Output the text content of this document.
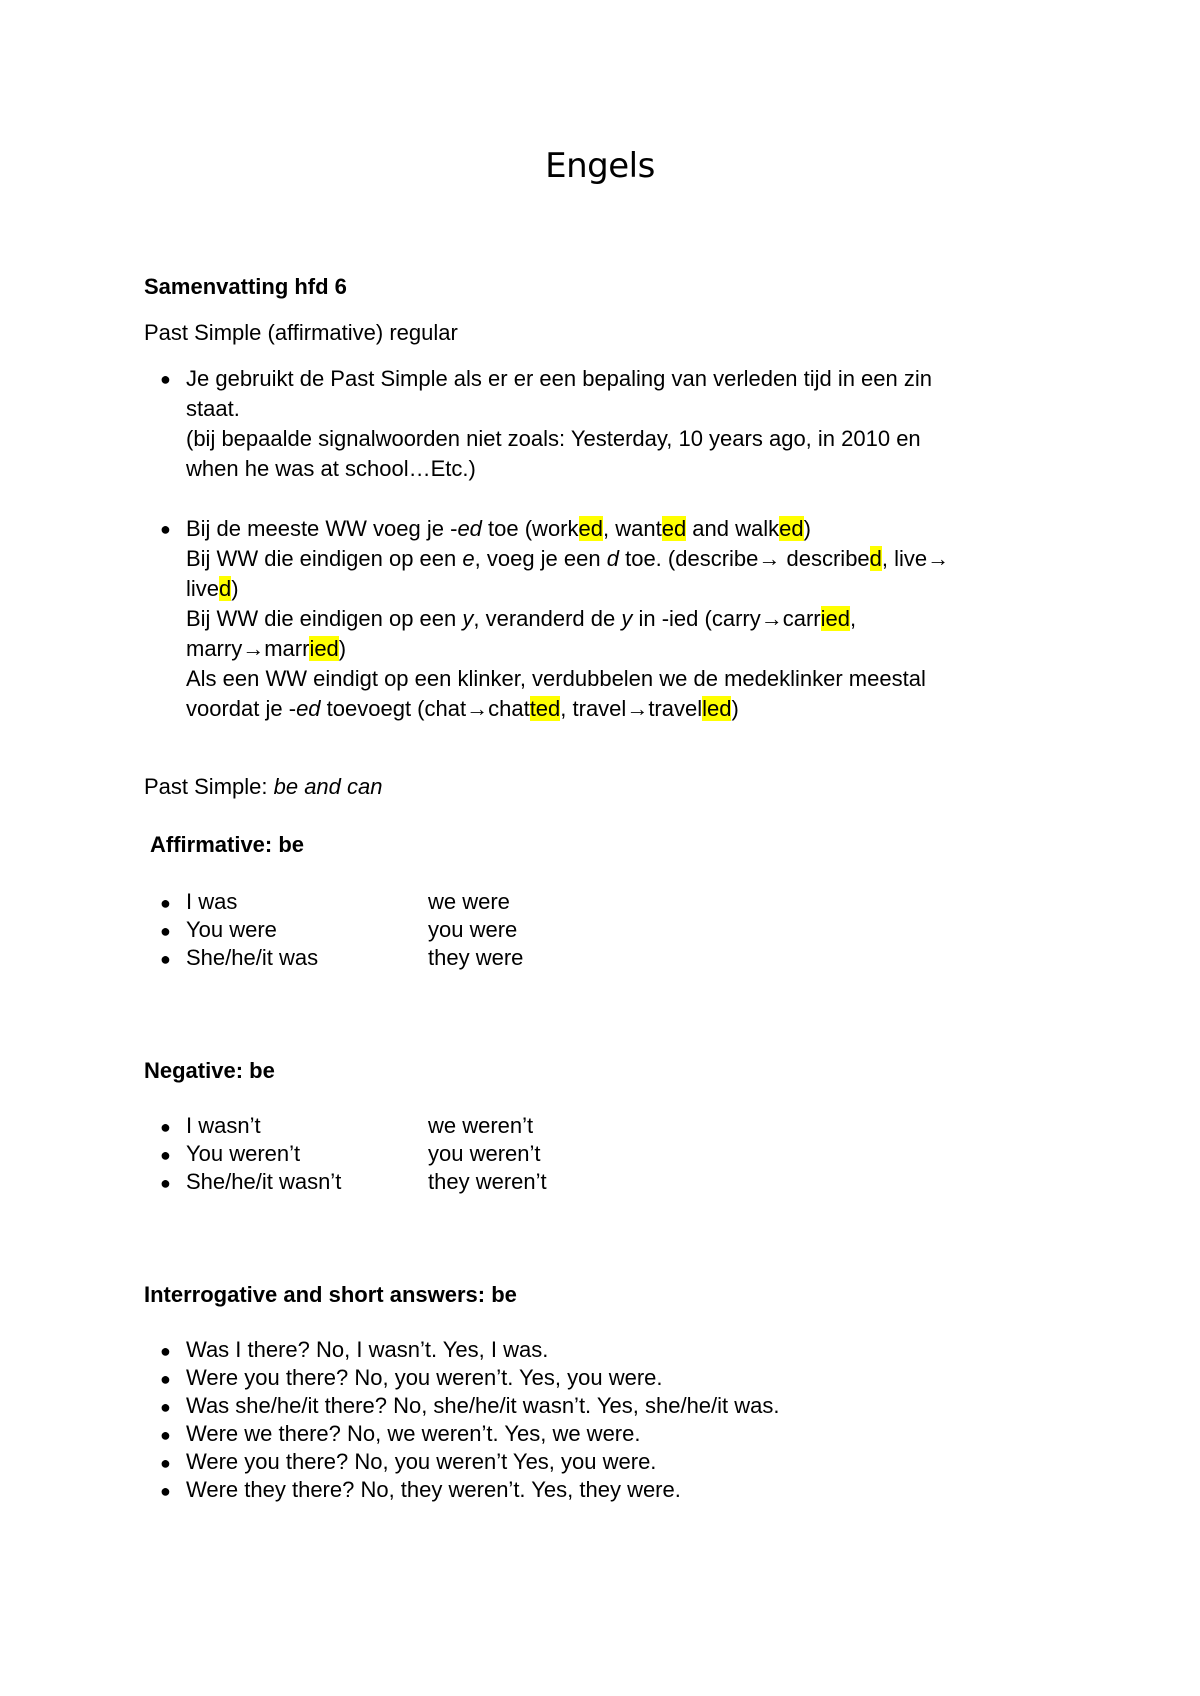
Engels
Samenvatting hfd 6
Past Simple (affirmative) regular
● Je gebruikt de Past Simple als er er een bepaling van verleden tijd in een zin
staat.
(bij bepaalde signalwoorden niet zoals: Yesterday, 10 years ago, in 2010 en
when he was at school…Etc.)
● Bij de meeste WW voeg je -ed toe (worked, wanted and walked)
Bij WW die eindigen op een e, voeg je een d toe. (describe→ described, live→
lived)
Bij WW die eindigen op een y, veranderd de y in -ied (carry→carried,
marry→married)
Als een WW eindigt op een klinker, verdubbelen we de medeklinker meestal
voordat je -ed toevoegt (chat→chatted, travel→travelled)
Past Simple: be and can
Affirmative: be
● I was	we were
● You were	you were
● She/he/it was	they were
Negative: be
● I wasn’t	we weren’t
● You weren’t	you weren’t
● She/he/it wasn’t	they weren’t
Interrogative and short answers: be
● Was I there? No, I wasn’t. Yes, I was.
● Were you there? No, you weren’t. Yes, you were.
● Was she/he/it there? No, she/he/it wasn’t. Yes, she/he/it was.
● Were we there? No, we weren’t. Yes, we were.
● Were you there? No, you weren’t Yes, you were.
● Were they there? No, they weren’t. Yes, they were.
